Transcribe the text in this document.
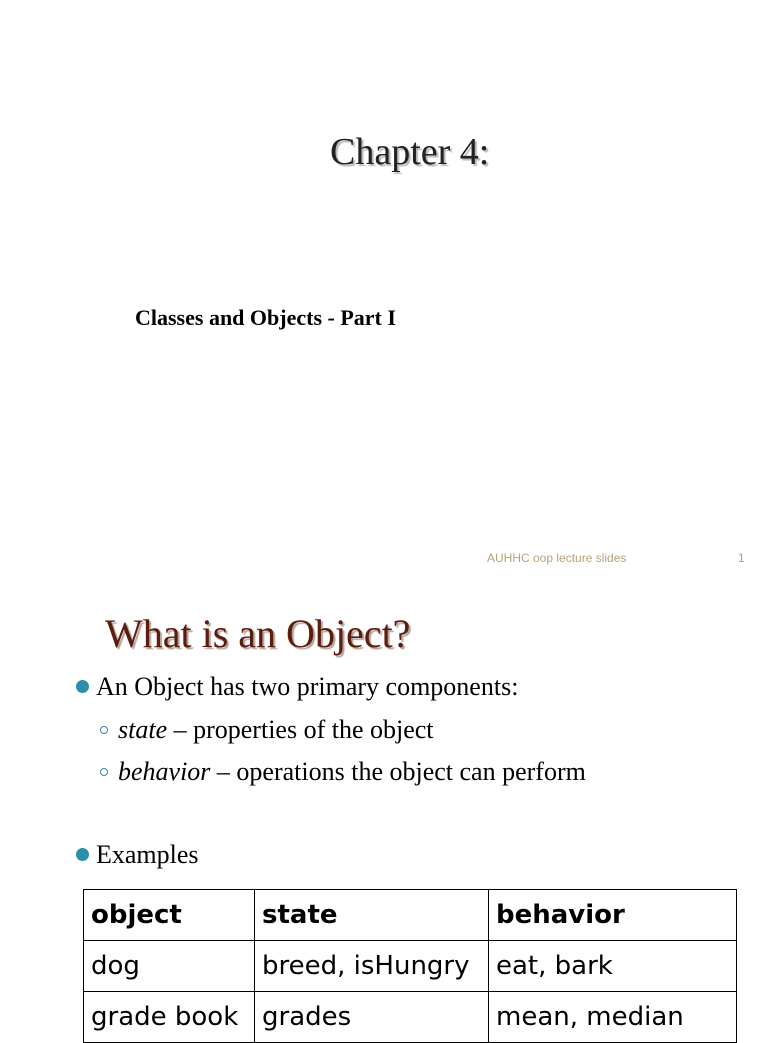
Chapter 4:
Classes and Objects - Part I
AUHHC oop lecture slides	1
What is an Object?
An Object has two primary components:
state – properties of the object
behavior – operations the object can perform
Examples
object	state	behavior
dog	breed, isHungry	eat, bark
grade book	grades	mean, median
